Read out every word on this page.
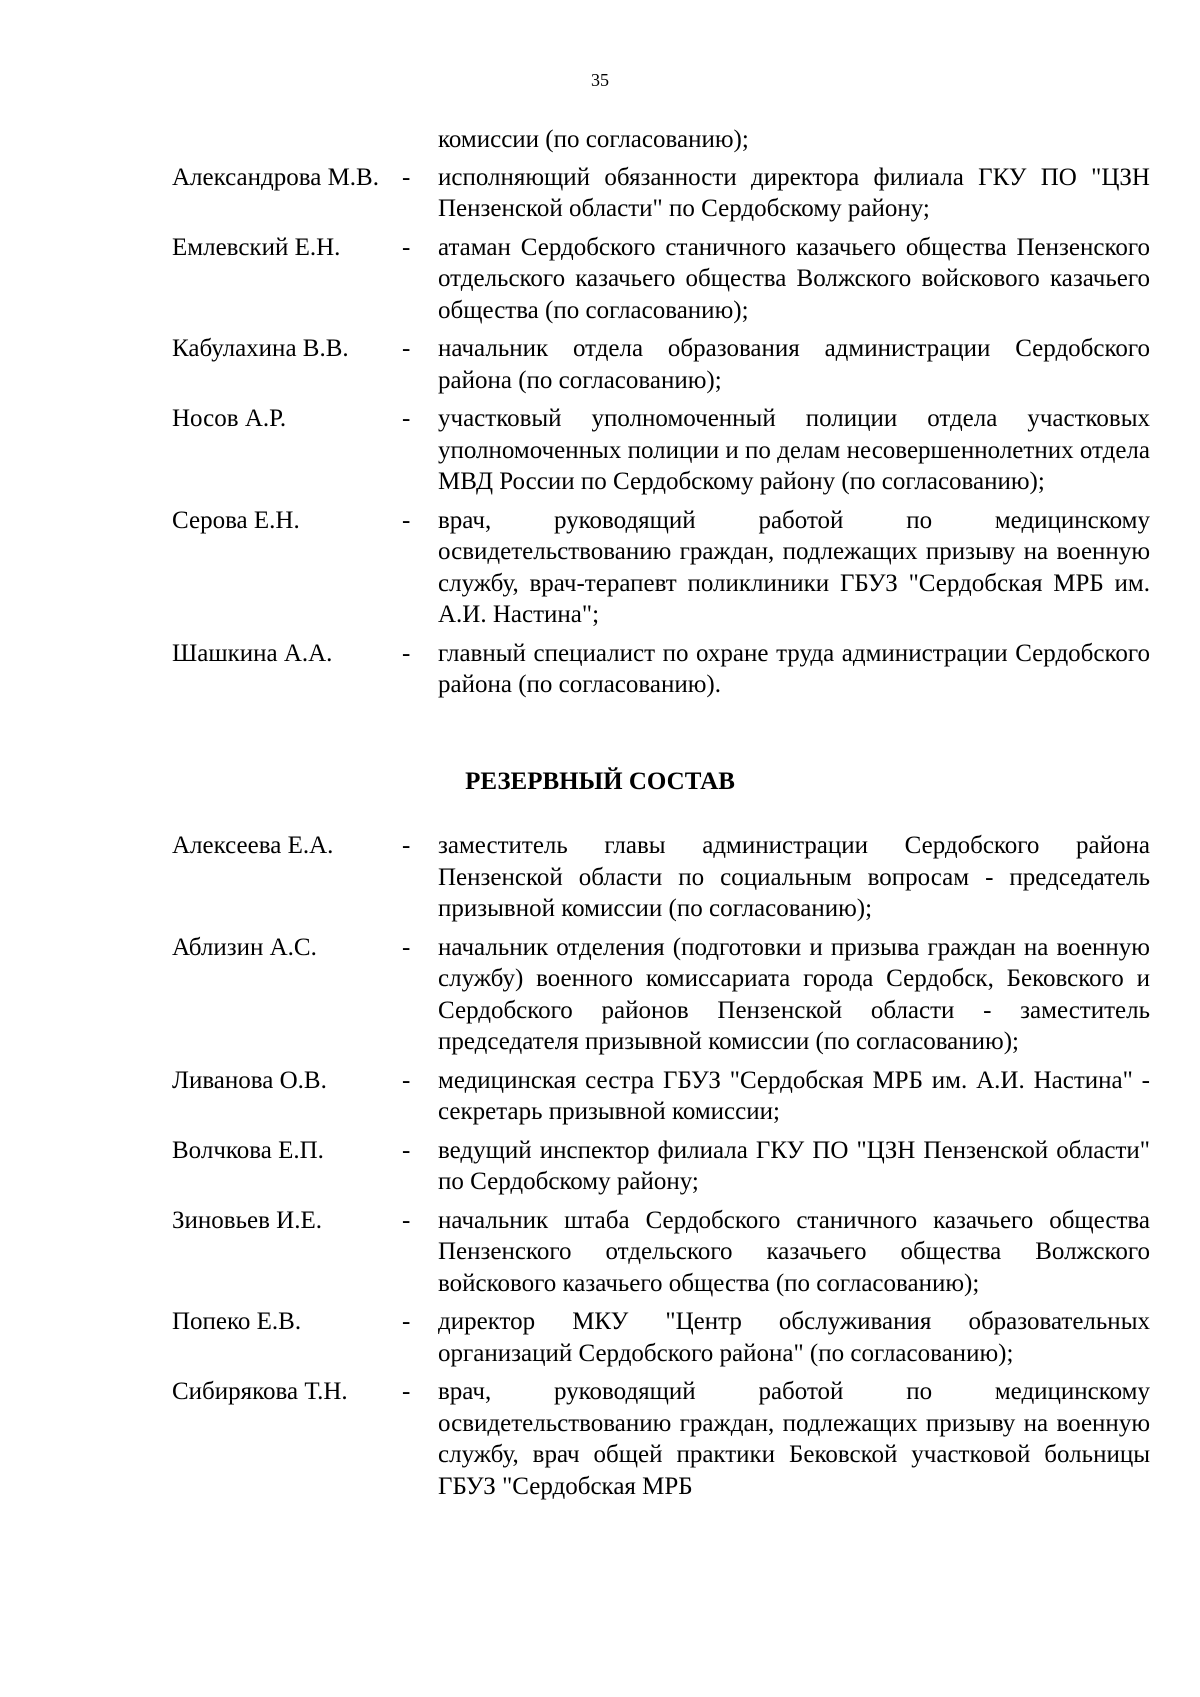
35
комиссии (по согласованию);
Александрова М.В. -	исполняющий обязанности директора филиала ГКУ ПО "ЦЗН Пензенской области" по Сердобскому району;
Емлевский Е.Н.	-	атаман Сердобского станичного казачьего общества Пензенского отдельского казачьего общества Волжского войскового казачьего общества (по согласованию);
Кабулахина В.В.	-	начальник отдела образования администрации Сердобского района (по согласованию);
Носов А.Р.	-	участковый уполномоченный полиции отдела участковых уполномоченных полиции и по делам несовершеннолетних отдела МВД России по Сердобскому району (по согласованию);
Серова Е.Н.	-	врач, руководящий работой по медицинскому освидетельствованию граждан, подлежащих призыву на военную службу, врач-терапевт поликлиники ГБУЗ "Сердобская МРБ им. А.И. Настина";
Шашкина А.А.	-	главный специалист по охране труда администрации Сердобского района (по согласованию).
РЕЗЕРВНЫЙ СОСТАВ
Алексеева Е.А.	-	заместитель главы администрации Сердобского района Пензенской области по социальным вопросам - председатель призывной комиссии (по согласованию);
Аблизин А.С.	-	начальник отделения (подготовки и призыва граждан на военную службу) военного комиссариата города Сердобск, Бековского и Сердобского районов Пензенской области - заместитель председателя призывной комиссии (по согласованию);
Ливанова О.В.	-	медицинская сестра ГБУЗ "Сердобская МРБ им. А.И. Настина" - секретарь призывной комиссии;
Волчкова Е.П.	-	ведущий инспектор филиала ГКУ ПО "ЦЗН Пензенской области" по Сердобскому району;
Зиновьев И.Е.	-	начальник штаба Сердобского станичного казачьего общества Пензенского отдельского казачьего общества Волжского войскового казачьего общества (по согласованию);
Попеко Е.В.	-	директор МКУ "Центр обслуживания образовательных организаций Сердобского района" (по согласованию);
Сибирякова Т.Н.	-	врач, руководящий работой по медицинскому освидетельствованию граждан, подлежащих призыву на военную службу, врач общей практики Бековской участковой больницы ГБУЗ "Сердобская МРБ
